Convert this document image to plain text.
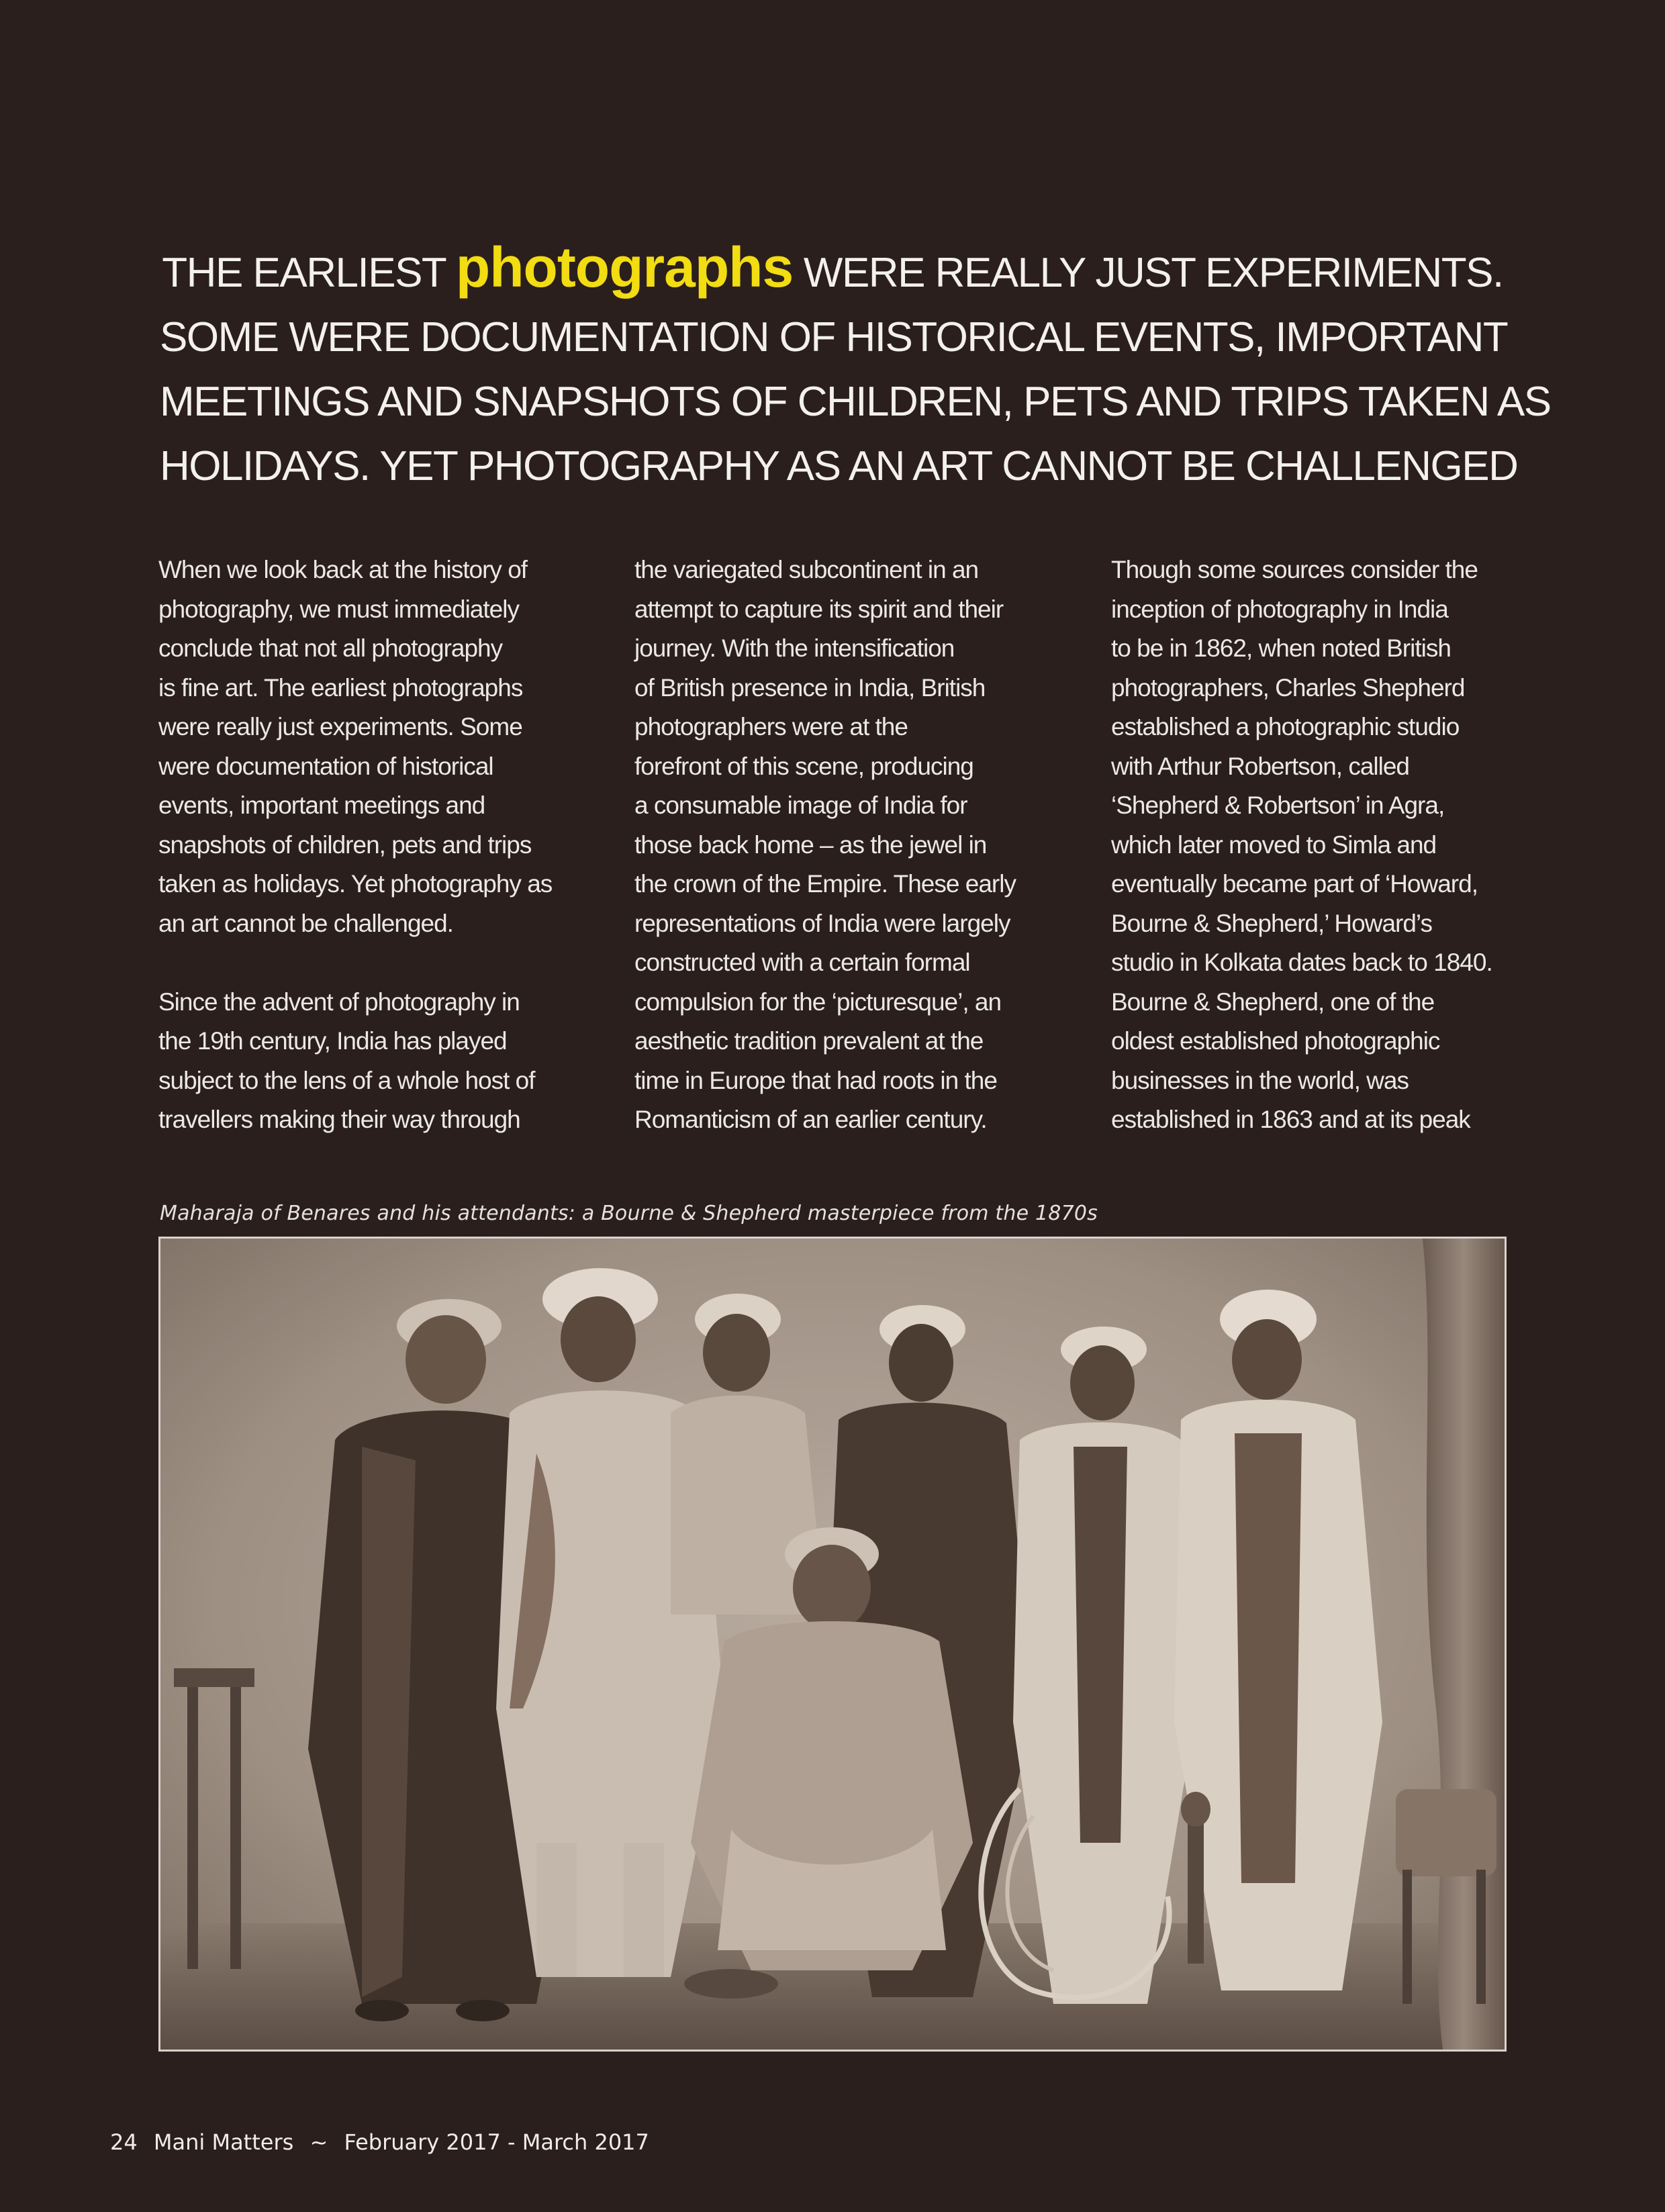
THE EARLIEST photographs WERE REALLY JUST EXPERIMENTS.
SOME WERE DOCUMENTATION OF HISTORICAL EVENTS, IMPORTANT
MEETINGS AND SNAPSHOTS OF CHILDREN, PETS AND TRIPS TAKEN AS
HOLIDAYS. YET PHOTOGRAPHY AS AN ART CANNOT BE CHALLENGED
When we look back at the history of
photography, we must immediately
conclude that not all photography
is fine art. The earliest photographs
were really just experiments. Some
were documentation of historical
events, important meetings and
snapshots of children, pets and trips
taken as holidays. Yet photography as
an art cannot be challenged.
Since the advent of photography in
the 19th century, India has played
subject to the lens of a whole host of
travellers making their way through
the variegated subcontinent in an
attempt to capture its spirit and their
journey. With the intensification
of British presence in India, British
photographers were at the
forefront of this scene, producing
a consumable image of India for
those back home – as the jewel in
the crown of the Empire. These early
representations of India were largely
constructed with a certain formal
compulsion for the ‘picturesque’, an
aesthetic tradition prevalent at the
time in Europe that had roots in the
Romanticism of an earlier century.
Though some sources consider the
inception of photography in India
to be in 1862, when noted British
photographers, Charles Shepherd
established a photographic studio
with Arthur Robertson, called
‘Shepherd & Robertson’ in Agra,
which later moved to Simla and
eventually became part of ‘Howard,
Bourne & Shepherd,’ Howard’s
studio in Kolkata dates back to 1840.
Bourne & Shepherd, one of the
oldest established photographic
businesses in the world, was
established in 1863 and at its peak
Maharaja of Benares and his attendants: a Bourne & Shepherd masterpiece from the 1870s
24 Mani Matters ~ February 2017 - March 2017
